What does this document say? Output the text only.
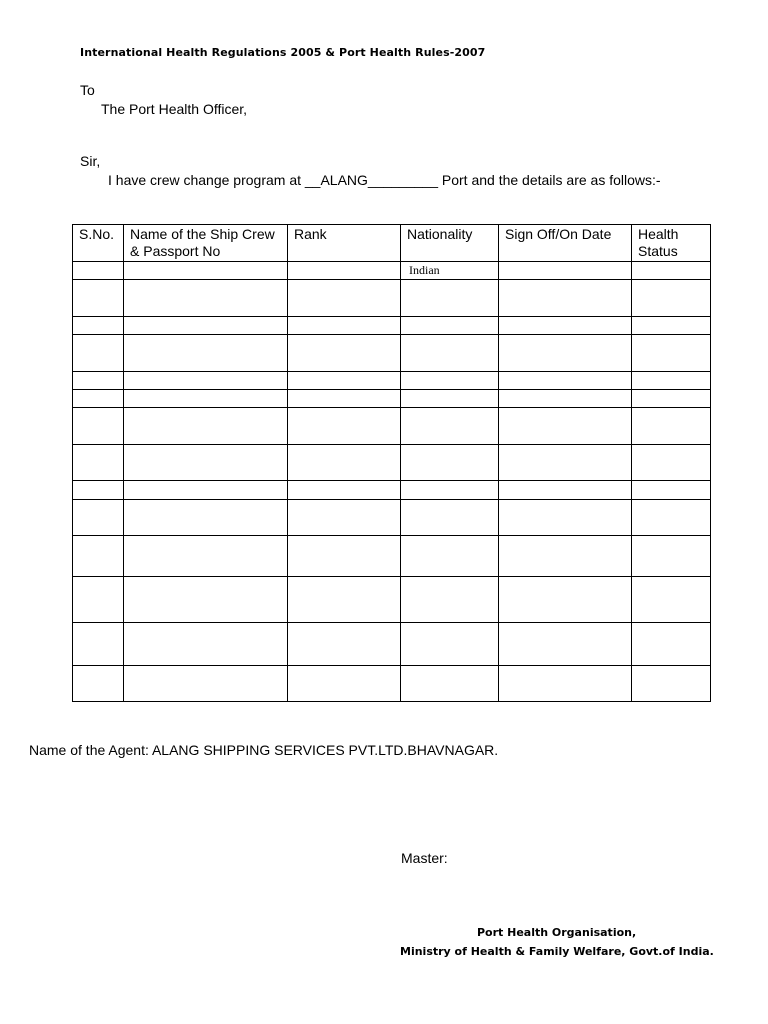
International Health Regulations 2005 & Port Health Rules-2007
To
The Port Health Officer,
Sir,
I have crew change program at __ALANG_________ Port and the details are as follows:-
S.No.	Name of the Ship Crew & Passport No	Rank	Nationality	Sign Off/On Date	Health Status
			Indian		

Name of the Agent: ALANG SHIPPING SERVICES PVT.LTD.BHAVNAGAR.
Master:
Port Health Organisation,
Ministry of Health & Family Welfare, Govt.of India.
